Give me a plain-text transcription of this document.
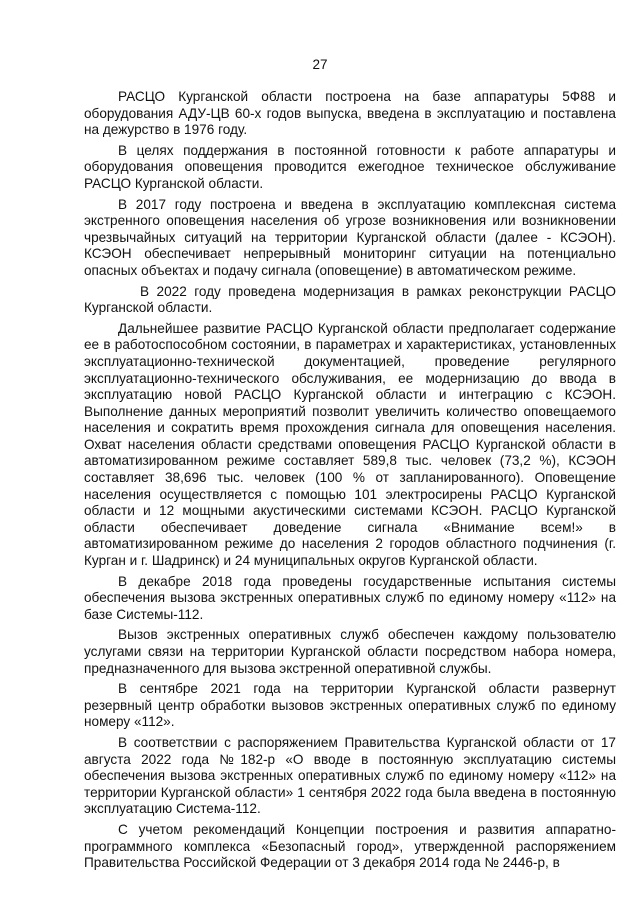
27

РАСЦО Курганской области построена на базе аппаратуры 5Ф88 и оборудования АДУ-ЦВ 60-х годов выпуска, введена в эксплуатацию и поставлена на дежурство в 1976 году.

В целях поддержания в постоянной готовности к работе аппаратуры и оборудования оповещения проводится ежегодное техническое обслуживание РАСЦО Курганской области.

В 2017 году построена и введена в эксплуатацию комплексная система экстренного оповещения населения об угрозе возникновения или возникновении чрезвычайных ситуаций на территории Курганской области (далее - КСЭОН). КСЭОН обеспечивает непрерывный мониторинг ситуации на потенциально опасных объектах и подачу сигнала (оповещение) в автоматическом режиме.

В 2022 году проведена модернизация в рамках реконструкции РАСЦО Курганской области.

Дальнейшее развитие РАСЦО Курганской области предполагает содержание ее в работоспособном состоянии, в параметрах и характеристиках, установленных эксплуатационно-технической документацией, проведение регулярного эксплуатационно-технического обслуживания, ее модернизацию до ввода в эксплуатацию новой РАСЦО Курганской области и интеграцию с КСЭОН. Выполнение данных мероприятий позволит увеличить количество оповещаемого населения и сократить время прохождения сигнала для оповещения населения. Охват населения области средствами оповещения РАСЦО Курганской области в автоматизированном режиме составляет 589,8 тыс. человек (73,2 %), КСЭОН составляет 38,696 тыс. человек (100 % от запланированного). Оповещение населения осуществляется с помощью 101 электросирены РАСЦО Курганской области и 12 мощными акустическими системами КСЭОН. РАСЦО Курганской области обеспечивает доведение сигнала «Внимание всем!» в автоматизированном режиме до населения 2 городов областного подчинения (г. Курган и г. Шадринск) и 24 муниципальных округов Курганской области.

В декабре 2018 года проведены государственные испытания системы обеспечения вызова экстренных оперативных служб по единому номеру «112» на базе Системы-112.

Вызов экстренных оперативных служб обеспечен каждому пользователю услугами связи на территории Курганской области посредством набора номера, предназначенного для вызова экстренной оперативной службы.

В сентябре 2021 года на территории Курганской области развернут резервный центр обработки вызовов экстренных оперативных служб по единому номеру «112».

В соответствии с распоряжением Правительства Курганской области от 17 августа 2022 года №182-р «О вводе в постоянную эксплуатацию системы обеспечения вызова экстренных оперативных служб по единому номеру «112» на территории Курганской области» 1 сентября 2022 года была введена в постоянную эксплуатацию Система-112.

С учетом рекомендаций Концепции построения и развития аппаратно-программного комплекса «Безопасный город», утвержденной распоряжением Правительства Российской Федерации от 3 декабря 2014 года № 2446-р, в
